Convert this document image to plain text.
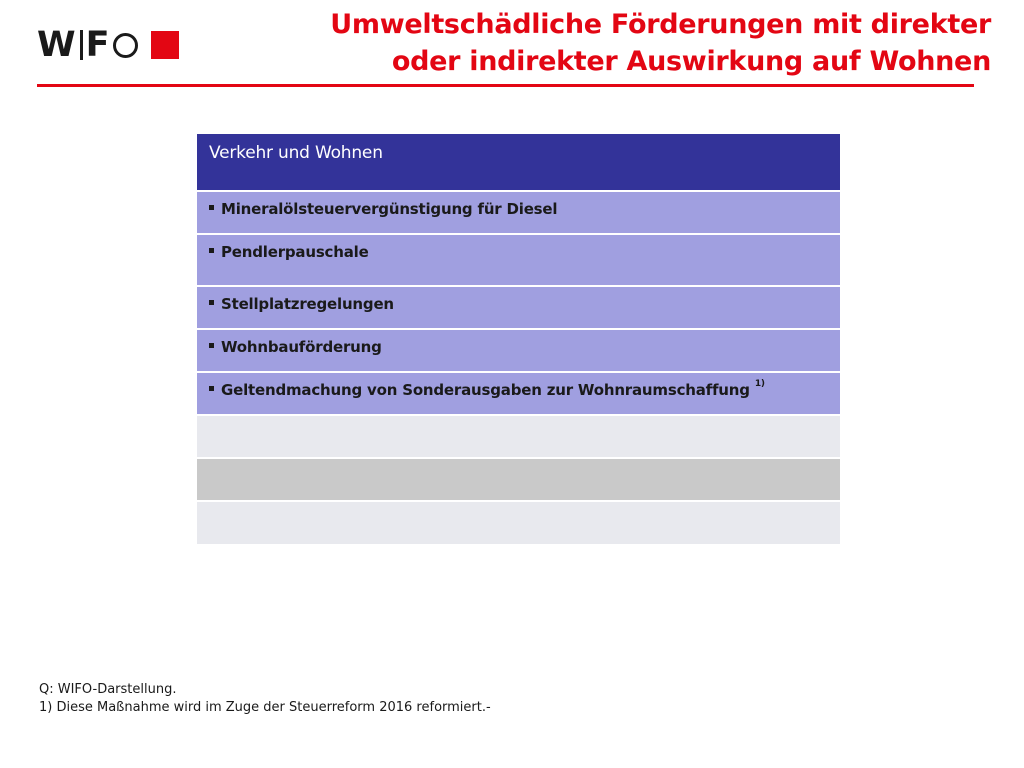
W F
Umweltschädliche Förderungen mit direkter
oder indirekter Auswirkung auf Wohnen
Verkehr und Wohnen
Mineralölsteuervergünstigung für Diesel
Pendlerpauschale
Stellplatzregelungen
Wohnbauförderung
Geltendmachung von Sonderausgaben zur Wohnraumschaffung $^{1)}$
Q: WIFO-Darstellung.
1) Diese Maßnahme wird im Zuge der Steuerreform 2016 reformiert.-
